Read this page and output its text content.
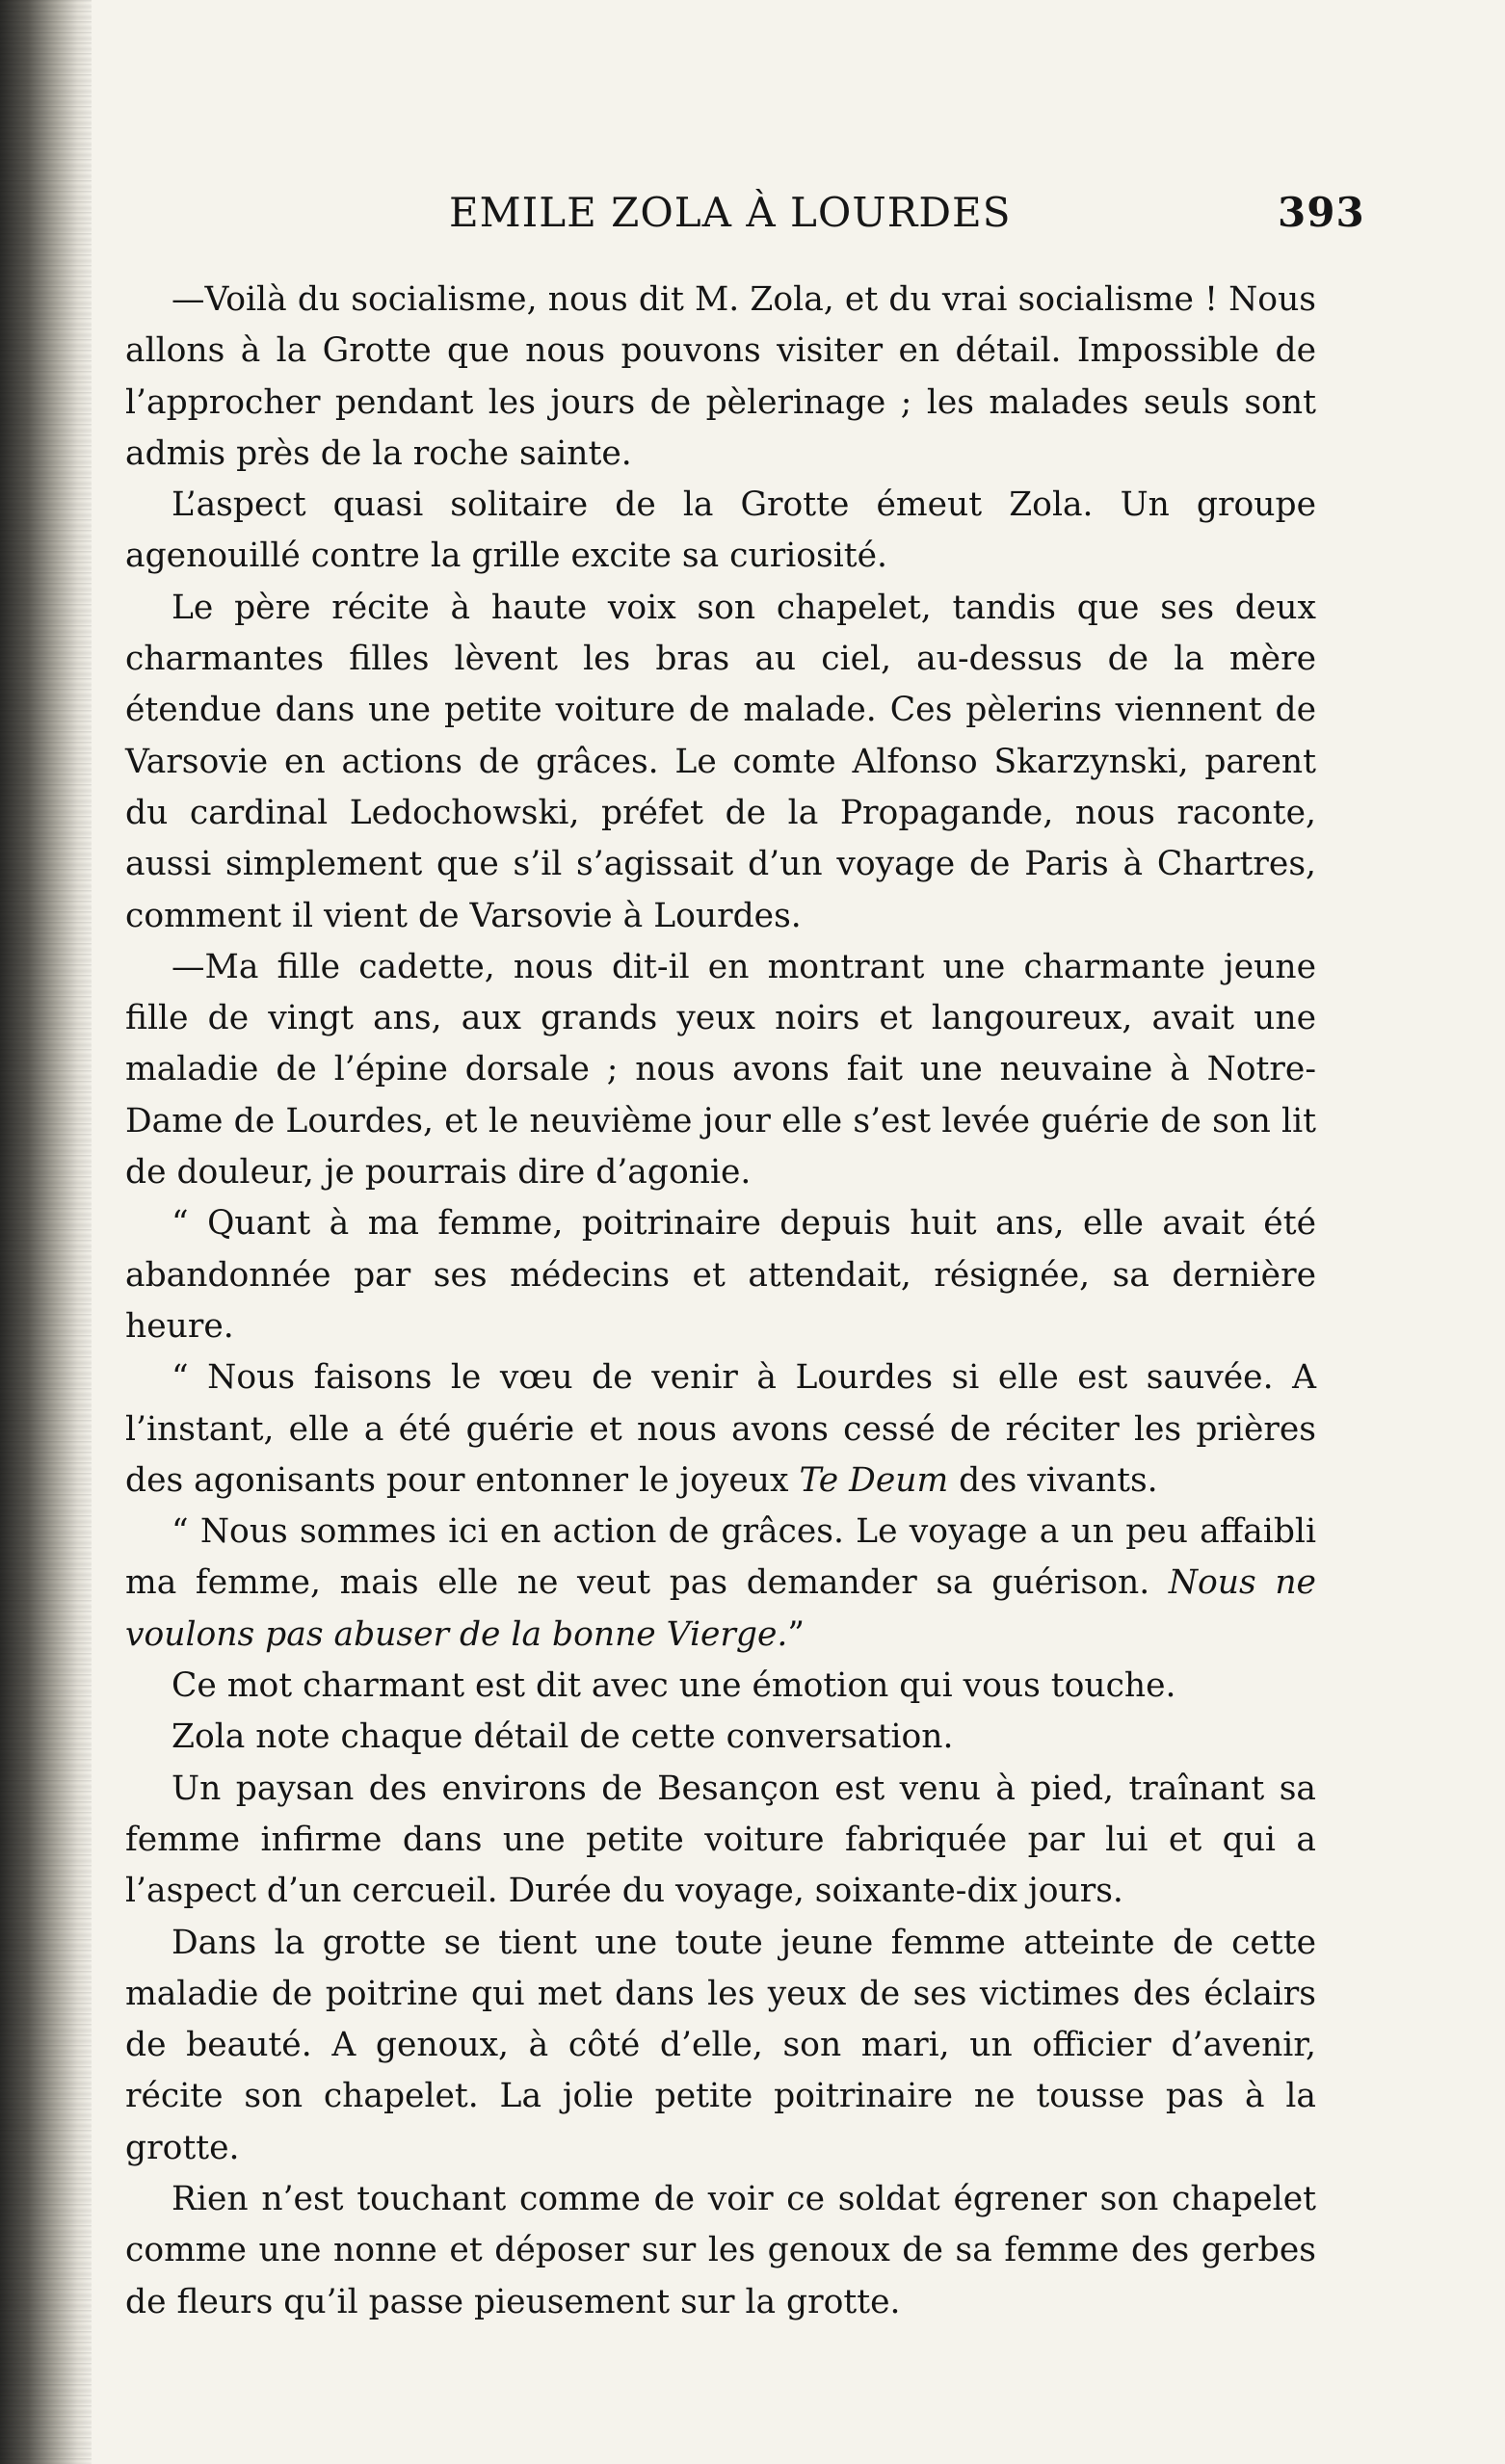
EMILE ZOLA À LOURDES	393

—Voilà du socialisme, nous dit M. Zola, et du vrai socialisme ! Nous allons à la Grotte que nous pouvons visiter en détail. Impossible de l’approcher pendant les jours de pèlerinage ; les malades seuls sont admis près de la roche sainte.

L’aspect quasi solitaire de la Grotte émeut Zola. Un groupe agenouillé contre la grille excite sa curiosité.

Le père récite à haute voix son chapelet, tandis que ses deux charmantes filles lèvent les bras au ciel, au-dessus de la mère étendue dans une petite voiture de malade. Ces pèlerins viennent de Varsovie en actions de grâces. Le comte Alfonso Skarzynski, parent du cardinal Ledochowski, préfet de la Propagande, nous raconte, aussi simplement que s’il s’agissait d’un voyage de Paris à Chartres, comment il vient de Varsovie à Lourdes.

—Ma fille cadette, nous dit-il en montrant une charmante jeune fille de vingt ans, aux grands yeux noirs et langoureux, avait une maladie de l’épine dorsale ; nous avons fait une neuvaine à Notre-Dame de Lourdes, et le neuvième jour elle s’est levée guérie de son lit de douleur, je pourrais dire d’agonie.

“ Quant à ma femme, poitrinaire depuis huit ans, elle avait été abandonnée par ses médecins et attendait, résignée, sa dernière heure.

“ Nous faisons le vœu de venir à Lourdes si elle est sauvée. A l’instant, elle a été guérie et nous avons cessé de réciter les prières des agonisants pour entonner le joyeux Te Deum des vivants.

“ Nous sommes ici en action de grâces. Le voyage a un peu affaibli ma femme, mais elle ne veut pas demander sa guérison. Nous ne voulons pas abuser de la bonne Vierge.”

Ce mot charmant est dit avec une émotion qui vous touche.

Zola note chaque détail de cette conversation.

Un paysan des environs de Besançon est venu à pied, traînant sa femme infirme dans une petite voiture fabriquée par lui et qui a l’aspect d’un cercueil. Durée du voyage, soixante-dix jours.

Dans la grotte se tient une toute jeune femme atteinte de cette maladie de poitrine qui met dans les yeux de ses victimes des éclairs de beauté. A genoux, à côté d’elle, son mari, un officier d’avenir, récite son chapelet. La jolie petite poitrinaire ne tousse pas à la grotte.

Rien n’est touchant comme de voir ce soldat égrener son chapelet comme une nonne et déposer sur les genoux de sa femme des gerbes de fleurs qu’il passe pieusement sur la grotte.
